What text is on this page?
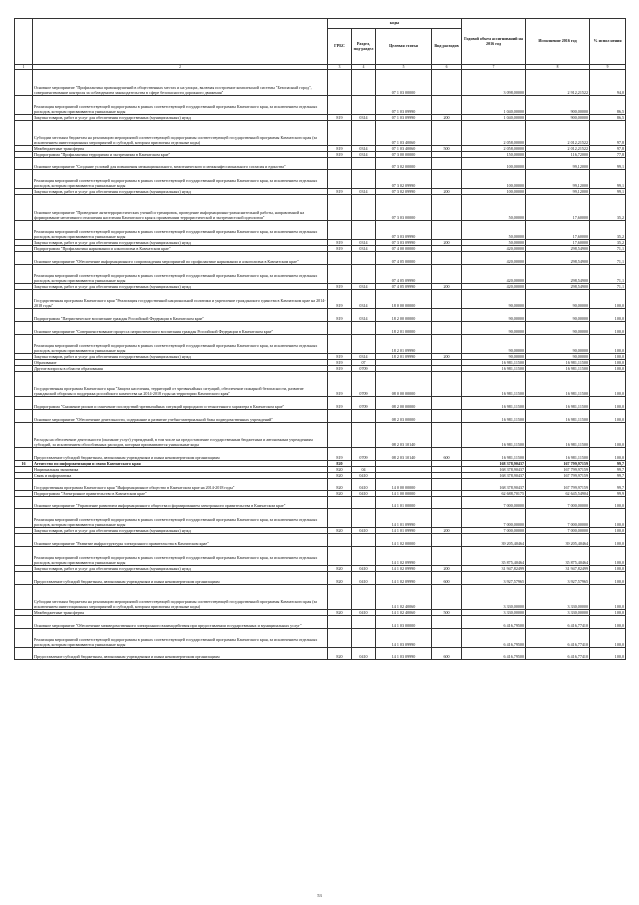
		коды				Годовой объем ассигнований на 2016 год	Исполнение 2016 год	% испол нения
		ГРБС	Раздел, под-раздел	Целевая статья	Вид расходов			
1	2	3	4	5	6	7	8	9
	Основное мероприятие "Профилактика правонарушений в общественных местах и на улицах, включая построение комплексной системы "Безопасный город", совершенствование контроля за соблюдением законодательства в сфере безопасности дорожного движения"			07 1 03 00000		3 098,00000	2 912,21522	94,0
	Реализация мероприятий соответствующей подпрограммы в рамках соответствующей государственной программы Камчатского края, за исключением отдельных расходов, которым присваиваются уникальные коды			07 1 03 09990		1 040,00000	900,00000	86,5
	Закупка товаров, работ и услуг для обеспечения государственных (муниципальных) нужд	819	0314	07 1 03 09990	200	1 040,00000	900,00000	86,5
	Субсидии местным бюджетам на реализацию мероприятий соответствующей подпрограммы соответствующей государственной программы Камчатского края (за исключением инвестиционных мероприятий и субсидий, которым присвоены отдельные коды)			07 1 03 40060		2 058,00000	2 012,21522	97,8
	Межбюджетные трансферты	819	0314	07 1 03 40060	500	2 058,00000	2 012,21522	97,8
	Подпрограмма "Профилактика терроризма и экстремизма в Камчатском крае"	819	0314	07 3 00 00000		150,00000	116,72000	77,8
	Основное мероприятие "Создание условий для повышения межнационального, межэтнического и межконфессионального согласия и единства"			07 3 02 00000		100,00000	99,12000	99,1
	Реализация мероприятий соответствующей подпрограммы в рамках соответствующей государственной программы Камчатского края, за исключением отдельных расходов, которым присваиваются уникальные коды			07 3 02 09990		100,00000	99,12000	99,1
	Закупка товаров, работ и услуг для обеспечения государственных (муниципальных) нужд	819	0314	07 3 02 09990	200	100,00000	99,12000	99,1
	Основное мероприятие "Проведение антитеррористических учений и тренировок, проведение информационно-разъяснительной работы, направленной на формирование негативного отношения населения Камчатского края к проявлениям террористической и экстремистской идеологии"			07 3 03 00000		50,00000	17,60000	35,2
	Реализация мероприятий соответствующей подпрограммы в рамках соответствующей государственной программы Камчатского края, за исключением отдельных расходов, которым присваиваются уникальные коды			07 3 03 09990		50,00000	17,60000	35,2
	Закупка товаров, работ и услуг для обеспечения государственных (муниципальных) нужд	819	0314	07 3 03 09990	200	50,00000	17,60000	35,2
	Подпрограмма "Профилактика наркомании и алкоголизма в Камчатском крае"	819	0314	07 4 00 00000		420,00000	298,54900	71,1
	Основное мероприятие "Обеспечение информационного сопровождения мероприятий по профилактике наркомании и алкоголизма в Камчатском крае"			07 4 05 00000		420,00000	298,54900	71,1
	Реализация мероприятий соответствующей подпрограммы в рамках соответствующей государственной программы Камчатского края, за исключением отдельных расходов, которым присваиваются уникальные коды			07 4 05 09990		420,00000	298,54900	71,1
	Закупка товаров, работ и услуг для обеспечения государственных (муниципальных) нужд	819	0314	07 4 05 09990	200	420,00000	298,54900	71,1
	Государственная программа Камчатского края "Реализация государственной национальной политики и укрепление гражданского единства в Камчатском крае на 2014-2018 годы"	819	0314	18 0 00 00000		90,00000	90,00000	100,0
	Подпрограмма "Патриотическое воспитание граждан Российской Федерации в Камчатском крае"	819	0314	18 2 00 00000		90,00000	90,00000	100,0
	Основное мероприятие "Совершенствование процесса патриотического воспитания граждан Российской Федерации в Камчатском крае"			18 2 01 00000		90,00000	90,00000	100,0
	Реализация мероприятий соответствующей подпрограммы в рамках соответствующей государственной программы Камчатского края, за исключением отдельных расходов, которым присваиваются уникальные коды			18 2 01 09990		90,00000	90,00000	100,0
	Закупка товаров, работ и услуг для обеспечения государственных (муниципальных) нужд	819	0314	18 2 01 09990	200	90,00000	90,00000	100,0
	Образование	819	07			16 981,11500	16 981,11500	100,0
	Другие вопросы в области образования	819	0709			16 981,11500	16 981,11500	100,0
	Государственная программа Камчатского края "Защита населения, территорий от чрезвычайных ситуаций, обеспечение пожарной безопасности, развитие гражданской обороны и поддержка российского казачества на 2014-2018 годы на территории Камчатского края"	819	0709	08 0 00 00000		16 981,11500	16 981,11500	100,0
	Подпрограмма "Снижение рисков и смягчение последствий чрезвычайных ситуаций природного и техногенного характера в Камчатском крае"	819	0709	08 2 00 00000		16 981,11500	16 981,11500	100,0
	Основное мероприятие "Обеспечение деятельности, содержание и развитие учебно-материальной базы подведомственных учреждений"			08 2 03 00000		16 981,11500	16 981,11500	100,0
	Расходы на обеспечение деятельности (оказание услуг) учреждений, в том числе на предоставление государственным бюджетным и автономным учреждениям субсидий, за исключением обособленных расходов, которым присваиваются уникальные коды			08 2 03 10140		16 981,11500	16 981,11500	100,0
	Предоставление субсидий бюджетным, автономным учреждениям и иным некоммерческим организациям	819	0709	08 2 03 10140	600	16 981,11500	16 981,11500	100,0
16	Агентство по информатизации и связи Камчатского края	820				168 378,90437	167 799,97159	99,7
	Национальная экономика	820	04			168 378,90437	167 799,97159	99,7
	Связь и информатика	820	0410			168 378,90437	167 799,97159	99,7
	Государственная программа Камчатского края "Информационное общество в Камчатском крае на 2014-2018 годы"	820	0410	14 0 00 00000		168 378,90437	167 799,97159	99,7
	Подпрограмма "Электронное правительство в Камчатском крае"	820	0410	14 1 00 00000		62 688,70175	62 645,54904	99,9
	Основное мероприятие "Управление развитием информационного общества и формированием электронного правительства в Камчатском крае"			14 1 01 00000		7 000,00000	7 000,00000	100,0
	Реализация мероприятий соответствующей подпрограммы в рамках соответствующей государственной программы Камчатского края, за исключением отдельных расходов, которым присваиваются уникальные коды			14 1 01 09990		7 000,00000	7 000,00000	100,0
	Закупка товаров, работ и услуг для обеспечения государственных (муниципальных) нужд	820	0410	14 1 01 09990	200	7 000,00000	7 000,00000	100,0
	Основное мероприятие "Развитие инфраструктуры электронного правительства в Камчатском крае"			14 1 02 00000		39 205,40464	39 205,40464	100,0
	Реализация мероприятий соответствующей подпрограммы в рамках соответствующей государственной программы Камчатского края, за исключением отдельных расходов, которым присваиваются уникальные коды			14 1 02 09990		35 875,40464	35 875,40464	100,0
	Закупка товаров, работ и услуг для обеспечения государственных (муниципальных) нужд	820	0410	14 1 02 09990	200	31 947,82499	31 947,82499	100,0
	Предоставление субсидий бюджетным, автономным учреждениям и иным некоммерческим организациям	820	0410	14 1 02 09990	600	3 927,57965	3 927,57965	100,0
	Субсидии местным бюджетам на реализацию мероприятий соответствующей подпрограммы соответствующей государственной программы Камчатского края (за исключением инвестиционных мероприятий и субсидий, которым присвоены отдельные коды)			14 1 02 40060		3 330,00000	3 330,00000	100,0
	Межбюджетные трансферты	820	0410	14 1 02 40060	500	3 330,00000	3 330,00000	100,0
	Основное мероприятие "Обеспечение межведомственного электронного взаимодействия при предоставлении государственных и муниципальных услуг"			14 1 03 00000		6 416,79500	6 416,77410	100,0
	Реализация мероприятий соответствующей подпрограммы в рамках соответствующей государственной программы Камчатского края, за исключением отдельных расходов, которым присваиваются уникальные коды			14 1 03 09990		6 416,79500	6 416,77410	100,0
	Предоставление субсидий бюджетным, автономным учреждениям и иным некоммерческим организациям	820	0410	14 1 03 09990	600	6 416,79500	6 416,77410	100,0
53
